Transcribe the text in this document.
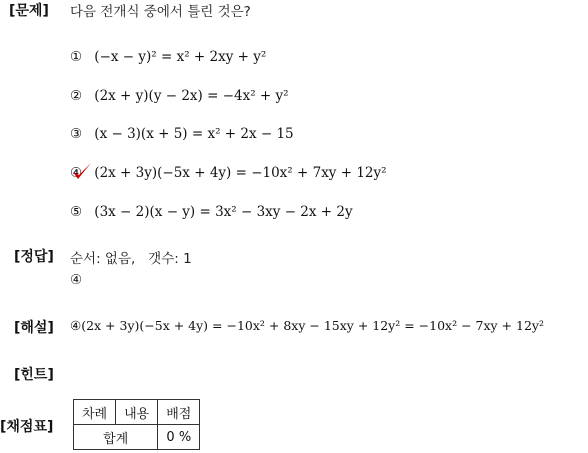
[문제] 다음 전개식 중에서 틀린 것은?
① (−x − y)² = x² + 2xy + y²
② (2x + y)(y − 2x) = −4x² + y²
③ (x − 3)(x + 5) = x² + 2x − 15
④ (2x + 3y)(−5x + 4y) = −10x² + 7xy + 12y²
⑤ (3x − 2)(x − y) = 3x² − 3xy − 2x + 2y
[정답] 순서: 없음,   갯수: 1
④
[해설] ④(2x + 3y)(−5x + 4y) = −10x² + 8xy − 15xy + 12y² = −10x² − 7xy + 12y²
[힌트]
[채점표]
차례	내용	배점
합계		0 %
